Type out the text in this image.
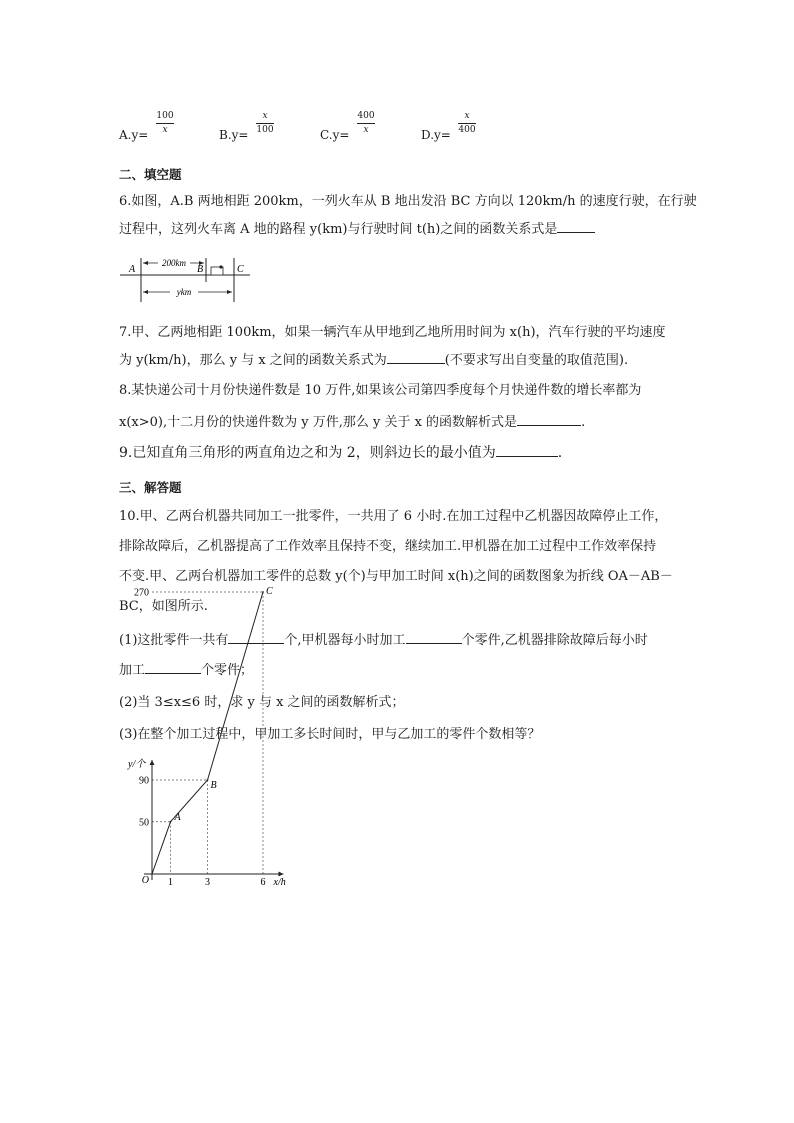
A.y=
100
x	B.y=
x
100	C.y=
400
x	D.y=
x
400
二、填空题
6.如图，A.B 两地相距 200km，一列火车从 B 地出发沿 BC 方向以 120km/h 的速度行驶，在行驶
过程中，这列火车离 A 地的路程 y(km)与行驶时间 t(h)之间的函数关系式是
200km
ykm
A	B	C
7.甲、乙两地相距 100km，如果一辆汽车从甲地到乙地所用时间为 x(h)，汽车行驶的平均速度
为 y(km/h)，那么 y 与 x 之间的函数关系式为	(不要求写出自变量的取值范围).
8.某快递公司十月份快递件数是 10 万件,如果该公司第四季度每个月快递件数的增长率都为
x(x>0),十二月份的快递件数为 y 万件,那么 y 关于 x 的函数解析式是	.
9.已知直角三角形的两直角边之和为 2，则斜边长的最小值为	.
三、解答题
10.甲、乙两台机器共同加工一批零件，一共用了 6 小时.在加工过程中乙机器因故障停止工作，
排除故障后，乙机器提高了工作效率且保持不变，继续加工.甲机器在加工过程中工作效率保持
不变.甲、乙两台机器加工零件的总数 y(个)与甲加工时间 x(h)之间的函数图象为折线 OA－AB－
BC，如图所示.
(1)这批零件一共有	个,甲机器每小时加工	个零件,乙机器排除故障后每小时
加工	个零件；
(2)当 3≤x≤6 时，求 y 与 x 之间的函数解析式；
(3)在整个加工过程中，甲加工多长时间时，甲与乙加工的零件个数相等？
1	3	6
50
90
270
O	x/h
y/个
A
B
C
